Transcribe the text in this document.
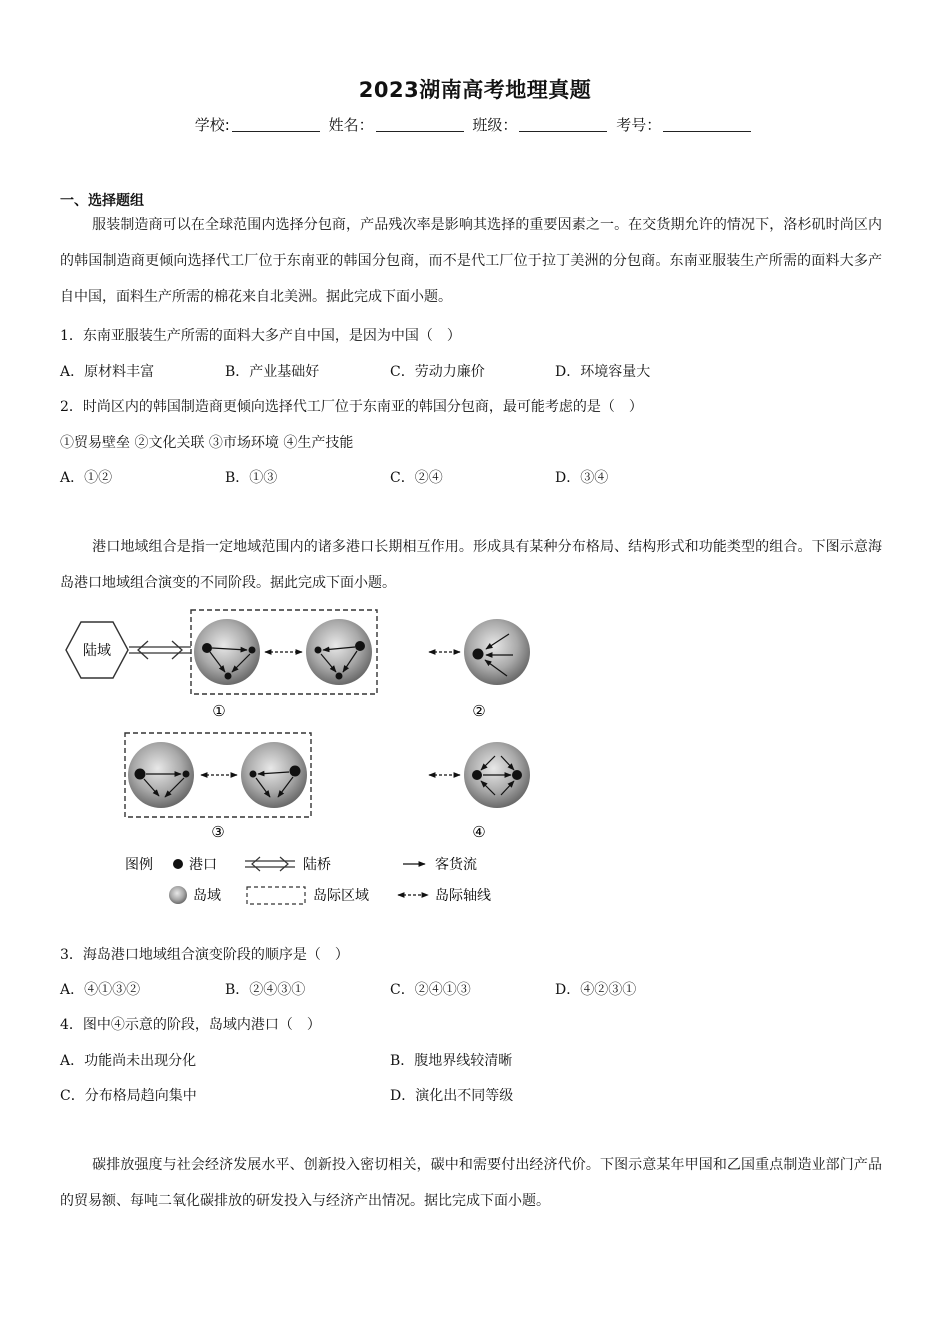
2023湖南高考地理真题
学校:	姓名：	班级：	考号：
一、选择题组
服装制造商可以在全球范围内选择分包商，产品残次率是影响其选择的重要因素之一。在交货期允许的情况下，洛杉矶时尚区内的韩国制造商更倾向选择代工厂位于东南亚的韩国分包商，而不是代工厂位于拉丁美洲的分包商。东南亚服装生产所需的面料大多产自中国，面料生产所需的棉花来自北美洲。据此完成下面小题。
1．东南亚服装生产所需的面料大多产自中国，是因为中国（　）
A．原材料丰富	B．产业基础好	C．劳动力廉价	D．环境容量大
2．时尚区内的韩国制造商更倾向选择代工厂位于东南亚的韩国分包商，最可能考虑的是（　）
①贸易壁垒 ②文化关联 ③市场环境 ④生产技能
A．①②	B．①③	C．②④	D．③④
港口地域组合是指一定地域范围内的诸多港口长期相互作用。形成具有某种分布格局、结构形式和功能类型的组合。下图示意海岛港口地域组合演变的不同阶段。据此完成下面小题。
陆域
①	②
③	④
图例	港口	陆桥	客货流
岛域	岛际区域	岛际轴线
3．海岛港口地域组合演变阶段的顺序是（　）
A．④①③②	B．②④③①	C．②④①③	D．④②③①
4．图中④示意的阶段，岛域内港口（　）
A．功能尚未出现分化	B．腹地界线较清晰
C．分布格局趋向集中	D．演化出不同等级
碳排放强度与社会经济发展水平、创新投入密切相关，碳中和需要付出经济代价。下图示意某年甲国和乙国重点制造业部门产品的贸易额、每吨二氧化碳排放的研发投入与经济产出情况。据比完成下面小题。
